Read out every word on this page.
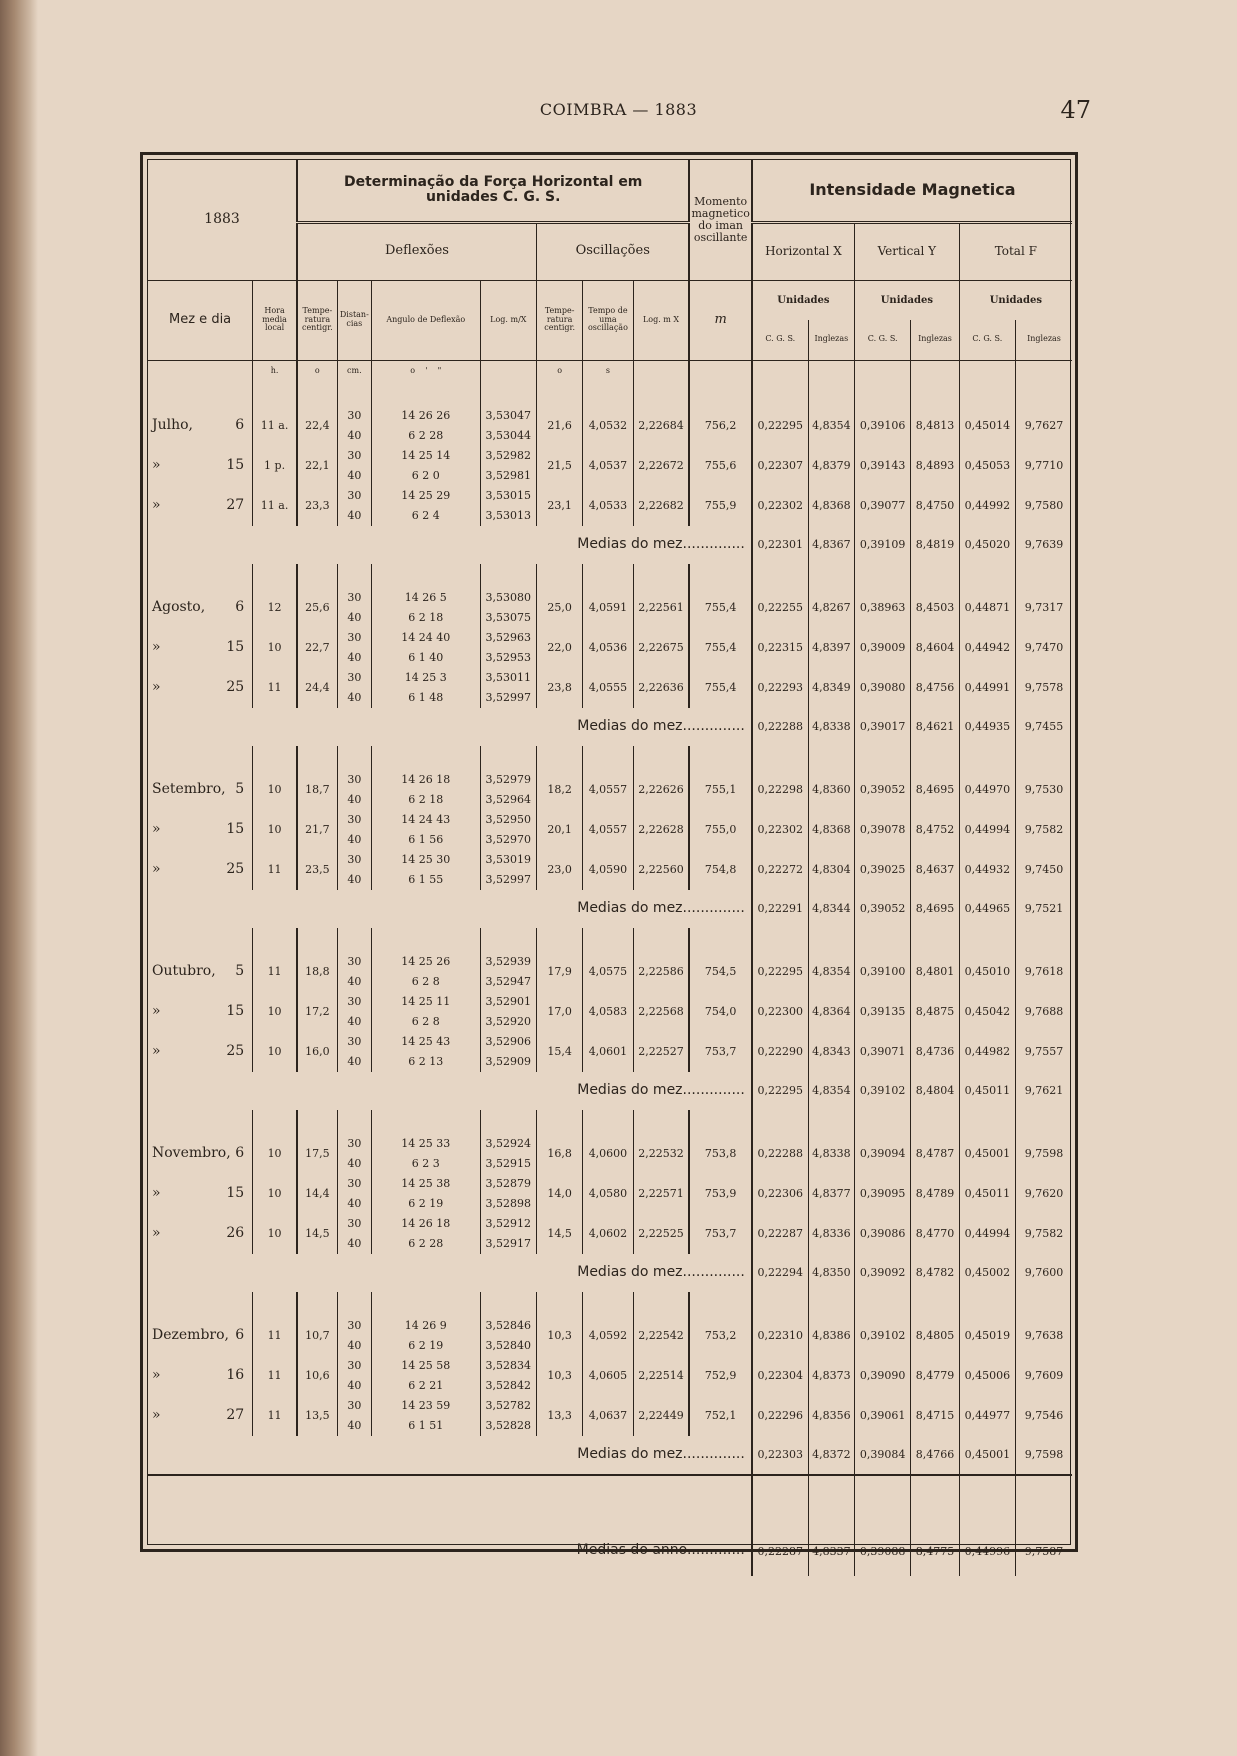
COIMBRA — 1883	47
1883		Determinação da Força Horizontal em unidades C. G. S.								Momento magnetico do iman oscillante	Intensidade Magnetica					
		Deflexões					Oscillações				Horizontal X		Vertical Y		Total F	
Mez e dia	Hora media local	Tempe-ratura centigr.	Distan-cias	Angulo de Deflexão		Log. m/X	Tempe-ratura centigr.	Tempo de uma oscillação	Log. m X	m	Unidades		Unidades		Unidades	
											C. G. S.	Inglezas	C. G. S.	Inglezas	C. G. S.	Inglezas
	h.	o	cm.	o    '    "			o	s								

Julho, 6	11 a.	22,4	30	14 26 26		3,53047	21,6	4,0532	2,22684	756,2	0,22295	4,8354	0,39106	8,4813	0,45014	9,7627
			40	6 2 28		3,53044										
» 15	1 p.	22,1	30	14 25 14		3,52982	21,5	4,0537	2,22672	755,6	0,22307	4,8379	0,39143	8,4893	0,45053	9,7710
			40	6 2 0		3,52981										
» 27	11 a.	23,3	30	14 25 29		3,53015	23,1	4,0533	2,22682	755,9	0,22302	4,8368	0,39077	8,4750	0,44992	9,7580
			40	6 2 4		3,53013										
Medias do mez..............											0,22301	4,8367	0,39109	8,4819	0,45020	9,7639

Agosto, 6	12	25,6	30	14 26 5		3,53080	25,0	4,0591	2,22561	755,4	0,22255	4,8267	0,38963	8,4503	0,44871	9,7317
			40	6 2 18		3,53075										
» 15	10	22,7	30	14 24 40		3,52963	22,0	4,0536	2,22675	755,4	0,22315	4,8397	0,39009	8,4604	0,44942	9,7470
			40	6 1 40		3,52953										
» 25	11	24,4	30	14 25 3		3,53011	23,8	4,0555	2,22636	755,4	0,22293	4,8349	0,39080	8,4756	0,44991	9,7578
			40	6 1 48		3,52997										
Medias do mez..............											0,22288	4,8338	0,39017	8,4621	0,44935	9,7455

Setembro, 5	10	18,7	30	14 26 18		3,52979	18,2	4,0557	2,22626	755,1	0,22298	4,8360	0,39052	8,4695	0,44970	9,7530
			40	6 2 18		3,52964										
» 15	10	21,7	30	14 24 43		3,52950	20,1	4,0557	2,22628	755,0	0,22302	4,8368	0,39078	8,4752	0,44994	9,7582
			40	6 1 56		3,52970										
» 25	11	23,5	30	14 25 30		3,53019	23,0	4,0590	2,22560	754,8	0,22272	4,8304	0,39025	8,4637	0,44932	9,7450
			40	6 1 55		3,52997										
Medias do mez..............											0,22291	4,8344	0,39052	8,4695	0,44965	9,7521

Outubro, 5	11	18,8	30	14 25 26		3,52939	17,9	4,0575	2,22586	754,5	0,22295	4,8354	0,39100	8,4801	0,45010	9,7618
			40	6 2 8		3,52947										
» 15	10	17,2	30	14 25 11		3,52901	17,0	4,0583	2,22568	754,0	0,22300	4,8364	0,39135	8,4875	0,45042	9,7688
			40	6 2 8		3,52920										
» 25	10	16,0	30	14 25 43		3,52906	15,4	4,0601	2,22527	753,7	0,22290	4,8343	0,39071	8,4736	0,44982	9,7557
			40	6 2 13		3,52909										
Medias do mez..............											0,22295	4,8354	0,39102	8,4804	0,45011	9,7621

Novembro, 6	10	17,5	30	14 25 33		3,52924	16,8	4,0600	2,22532	753,8	0,22288	4,8338	0,39094	8,4787	0,45001	9,7598
			40	6 2 3		3,52915										
» 15	10	14,4	30	14 25 38		3,52879	14,0	4,0580	2,22571	753,9	0,22306	4,8377	0,39095	8,4789	0,45011	9,7620
			40	6 2 19		3,52898										
» 26	10	14,5	30	14 26 18		3,52912	14,5	4,0602	2,22525	753,7	0,22287	4,8336	0,39086	8,4770	0,44994	9,7582
			40	6 2 28		3,52917										
Medias do mez..............											0,22294	4,8350	0,39092	8,4782	0,45002	9,7600

Dezembro, 6	11	10,7	30	14 26 9		3,52846	10,3	4,0592	2,22542	753,2	0,22310	4,8386	0,39102	8,4805	0,45019	9,7638
			40	6 2 19		3,52840										
» 16	11	10,6	30	14 25 58		3,52834	10,3	4,0605	2,22514	752,9	0,22304	4,8373	0,39090	8,4779	0,45006	9,7609
			40	6 2 21		3,52842										
» 27	11	13,5	30	14 23 59		3,52782	13,3	4,0637	2,22449	752,1	0,22296	4,8356	0,39061	8,4715	0,44977	9,7546
			40	6 1 51		3,52828										
Medias do mez..............											0,22303	4,8372	0,39084	8,4766	0,45001	9,7598
Medias do anno.............											0,22287	4,8337	0,39088	8,4775	0,44996	9,7587
